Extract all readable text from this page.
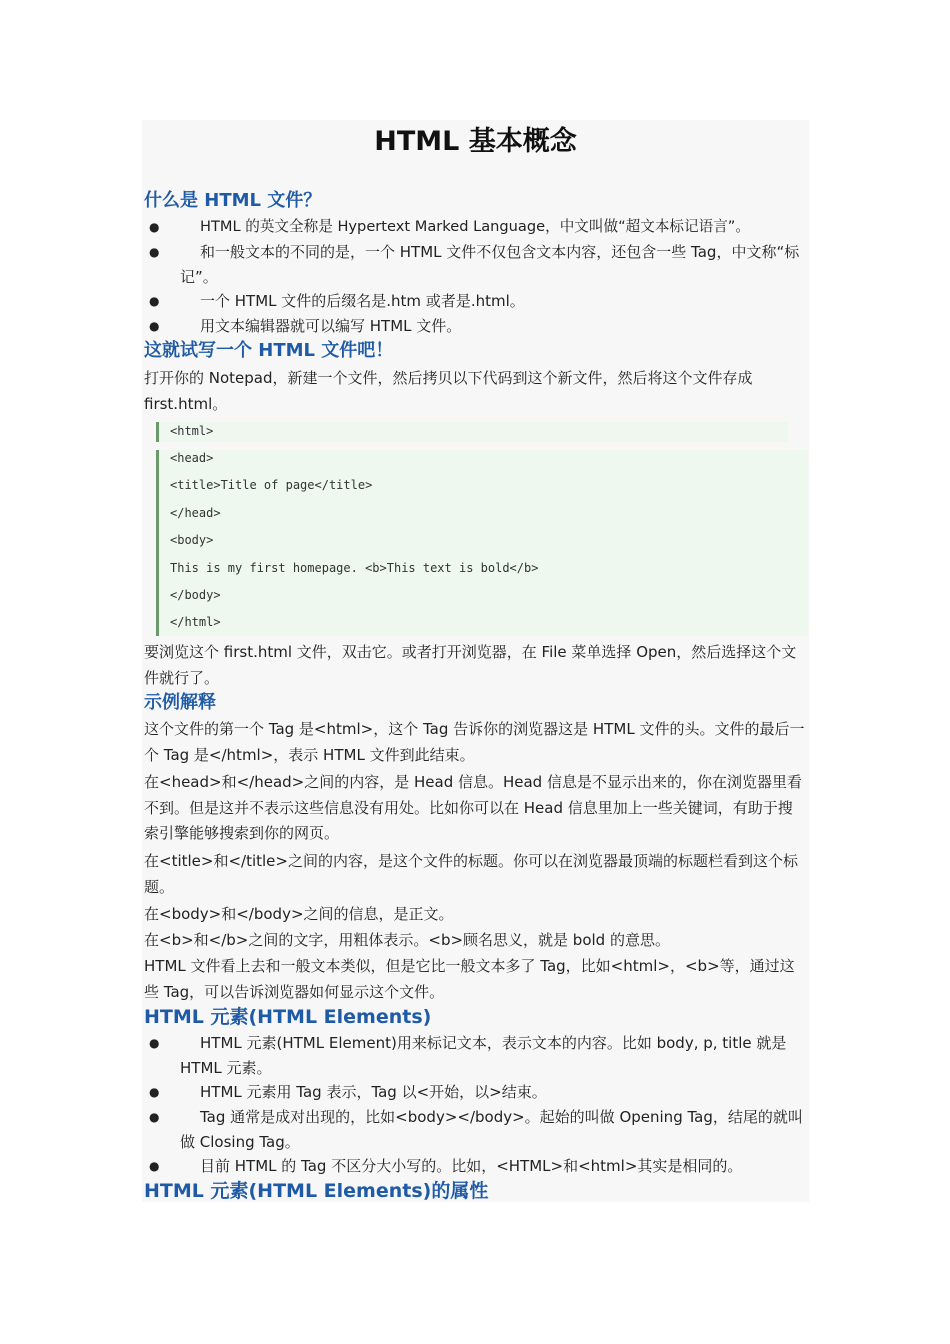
HTML 基本概念
什么是 HTML 文件？
●	HTML 的英文全称是 Hypertext Marked Language，中文叫做“超文本标记语言”。
●	和一般文本的不同的是，一个 HTML 文件不仅包含文本内容，还包含一些 Tag，中文称“标记”。
●	一个 HTML 文件的后缀名是.htm 或者是.html。
●	用文本编辑器就可以编写 HTML 文件。
这就试写一个 HTML 文件吧！
打开你的 Notepad，新建一个文件，然后拷贝以下代码到这个新文件，然后将这个文件存成 first.html。
<html>
<head>
<title>Title of page</title>
</head>
<body>
This is my first homepage. <b>This text is bold</b>
</body>
</html>
要浏览这个 first.html 文件，双击它。或者打开浏览器，在 File 菜单选择 Open，然后选择这个文件就行了。
示例解释
这个文件的第一个 Tag 是<html>，这个 Tag 告诉你的浏览器这是 HTML 文件的头。文件的最后一个 Tag 是</html>，表示 HTML 文件到此结束。
在<head>和</head>之间的内容，是 Head 信息。Head 信息是不显示出来的，你在浏览器里看不到。但是这并不表示这些信息没有用处。比如你可以在 Head 信息里加上一些关键词，有助于搜索引擎能够搜索到你的网页。
在<title>和</title>之间的内容，是这个文件的标题。你可以在浏览器最顶端的标题栏看到这个标题。
在<body>和</body>之间的信息，是正文。
在<b>和</b>之间的文字，用粗体表示。<b>顾名思义，就是 bold 的意思。
HTML 文件看上去和一般文本类似，但是它比一般文本多了 Tag，比如<html>，<b>等，通过这些 Tag，可以告诉浏览器如何显示这个文件。
HTML 元素(HTML Elements)
●	HTML 元素(HTML Element)用来标记文本，表示文本的内容。比如 body, p, title 就是 HTML 元素。
●	HTML 元素用 Tag 表示，Tag 以<开始，以>结束。
●	Tag 通常是成对出现的，比如<body></body>。起始的叫做 Opening Tag，结尾的就叫做 Closing Tag。
●	目前 HTML 的 Tag 不区分大小写的。比如，<HTML>和<html>其实是相同的。
HTML 元素(HTML Elements)的属性
